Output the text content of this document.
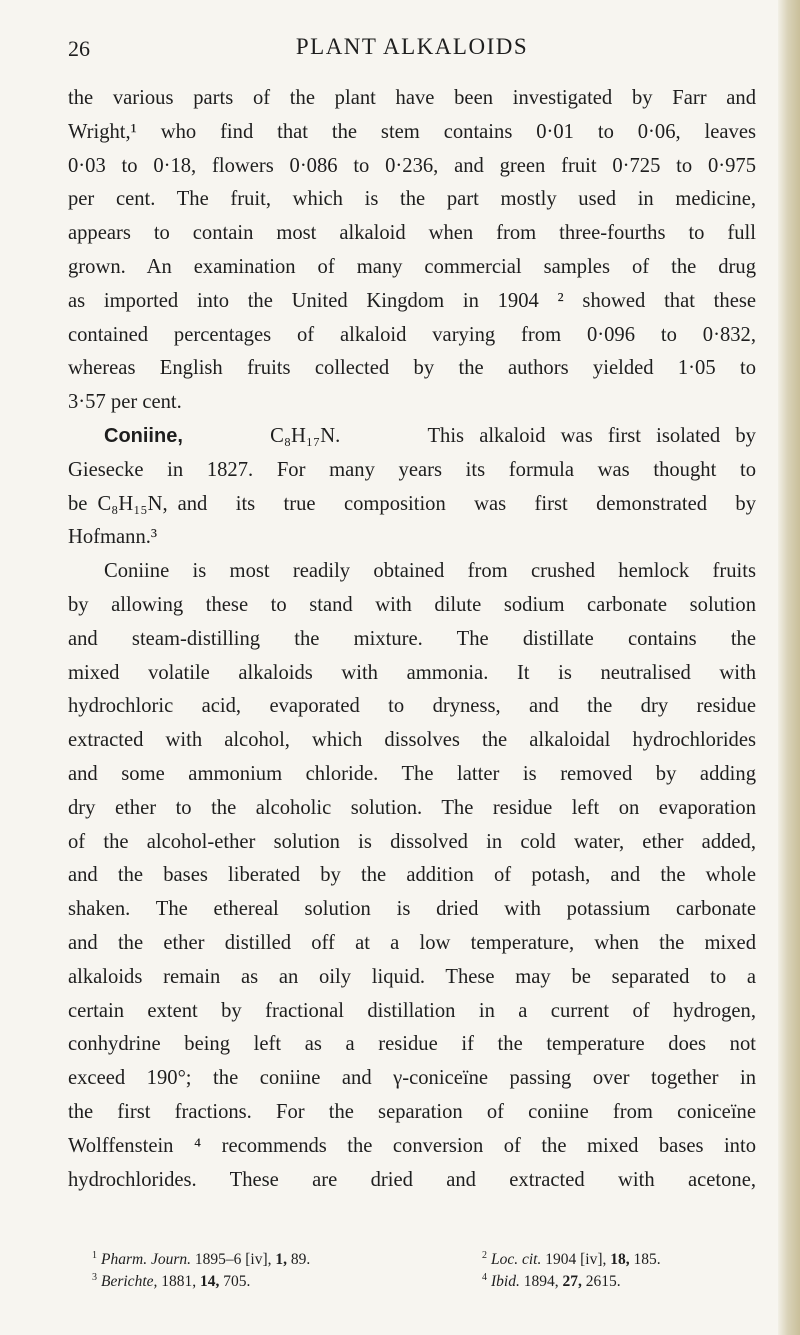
26	PLANT ALKALOIDS
the various parts of the plant have been investigated by Farr and
Wright,¹ who find that the stem contains 0·01 to 0·06, leaves
0·03 to 0·18, flowers 0·086 to 0·236, and green fruit 0·725 to 0·975
per cent. The fruit, which is the part mostly used in medicine,
appears to contain most alkaloid when from three-fourths to full
grown. An examination of many commercial samples of the drug
as imported into the United Kingdom in 1904 ² showed that these
contained percentages of alkaloid varying from 0·096 to 0·832,
whereas English fruits collected by the authors yielded 1·05 to
3·57 per cent.
Coniine,	C₈H₁₇N.	This alkaloid was first isolated by
Giesecke in 1827. For many years its formula was thought to
be C₈H₁₅N, and its true composition was first demonstrated by
Hofmann.³
Coniine is most readily obtained from crushed hemlock fruits
by allowing these to stand with dilute sodium carbonate solution
and steam-distilling the mixture. The distillate contains the
mixed volatile alkaloids with ammonia. It is neutralised with
hydrochloric acid, evaporated to dryness, and the dry residue
extracted with alcohol, which dissolves the alkaloidal hydrochlorides
and some ammonium chloride. The latter is removed by adding
dry ether to the alcoholic solution. The residue left on evaporation
of the alcohol-ether solution is dissolved in cold water, ether added,
and the bases liberated by the addition of potash, and the whole
shaken. The ethereal solution is dried with potassium carbonate
and the ether distilled off at a low temperature, when the mixed
alkaloids remain as an oily liquid. These may be separated to a
certain extent by fractional distillation in a current of hydrogen,
conhydrine being left as a residue if the temperature does not
exceed 190°; the coniine and γ-coniceïne passing over together in
the first fractions. For the separation of coniine from coniceïne
Wolffenstein ⁴ recommends the conversion of the mixed bases into
hydrochlorides. These are dried and extracted with acetone,
$^1$ Pharm. Journ. 1895–6 [iv], 1, 89.	$^2$ Loc. cit. 1904 [iv], 18, 185.
$^3$ Berichte, 1881, 14, 705.	$^4$ Ibid. 1894, 27, 2615.
